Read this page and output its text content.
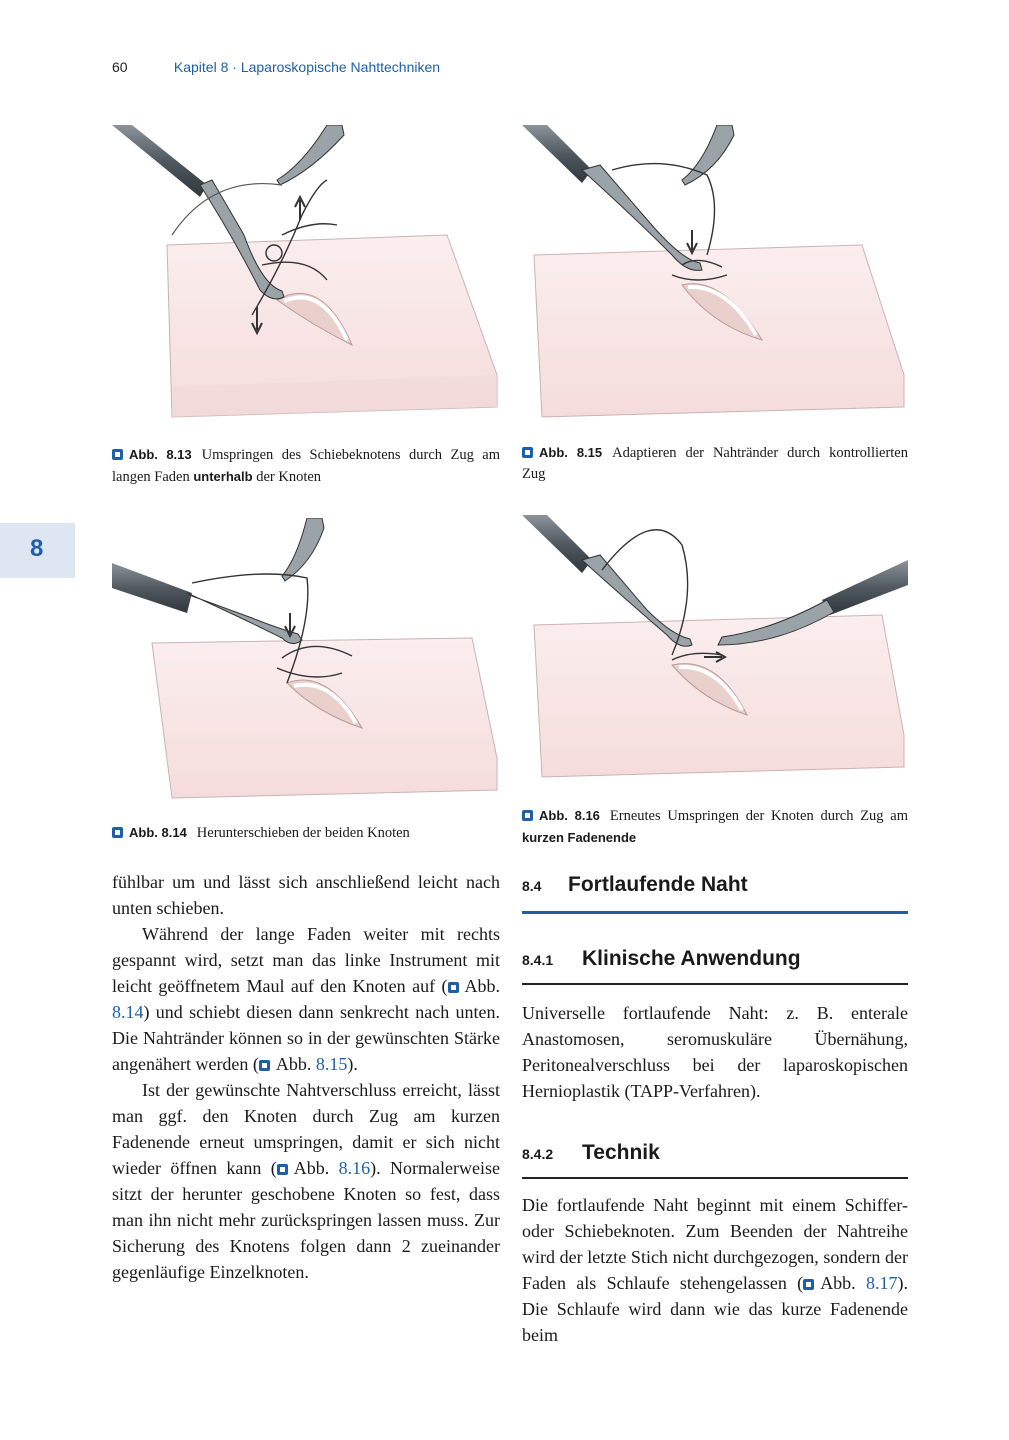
60	Kapitel 8 · Laparoskopische Nahttechniken
8
Abb. 8.13 Umspringen des Schiebeknotens durch Zug am langen Faden unterhalb der Knoten
Abb. 8.15 Adaptieren der Nahtränder durch kontrollierten Zug
Abb. 8.14 Herunterschieben der beiden Knoten
Abb. 8.16 Erneutes Umspringen der Knoten durch Zug am kurzen Fadenende

fühlbar um und lässt sich anschließend leicht nach unten schieben.

Während der lange Faden weiter mit rechts gespannt wird, setzt man das linke Instrument mit leicht geöffnetem Maul auf den Knoten auf ( Abb. 8.14) und schiebt diesen dann senkrecht nach unten. Die Nahtränder können so in der gewünschten Stärke angenähert werden ( Abb. 8.15).

Ist der gewünschte Nahtverschluss erreicht, lässt man ggf. den Knoten durch Zug am kurzen Fadenende erneut umspringen, damit er sich nicht wieder öffnen kann ( Abb. 8.16). Normalerweise sitzt der herunter geschobene Knoten so fest, dass man ihn nicht mehr zurückspringen lassen muss. Zur Sicherung des Knotens folgen dann 2 zueinander gegenläufige Einzelknoten.

8.4 Fortlaufende Naht
8.4.1 Klinische Anwendung

Universelle fortlaufende Naht: z. B. enterale Anastomosen, seromuskuläre Übernähung, Peritonealverschluss bei der laparoskopischen Hernioplastik (TAPP-Verfahren).

8.4.2 Technik

Die fortlaufende Naht beginnt mit einem Schiffer- oder Schiebeknoten. Zum Beenden der Nahtreihe wird der letzte Stich nicht durchgezogen, sondern der Faden als Schlaufe stehengelassen ( Abb. 8.17). Die Schlaufe wird dann wie das kurze Fadenende beim
